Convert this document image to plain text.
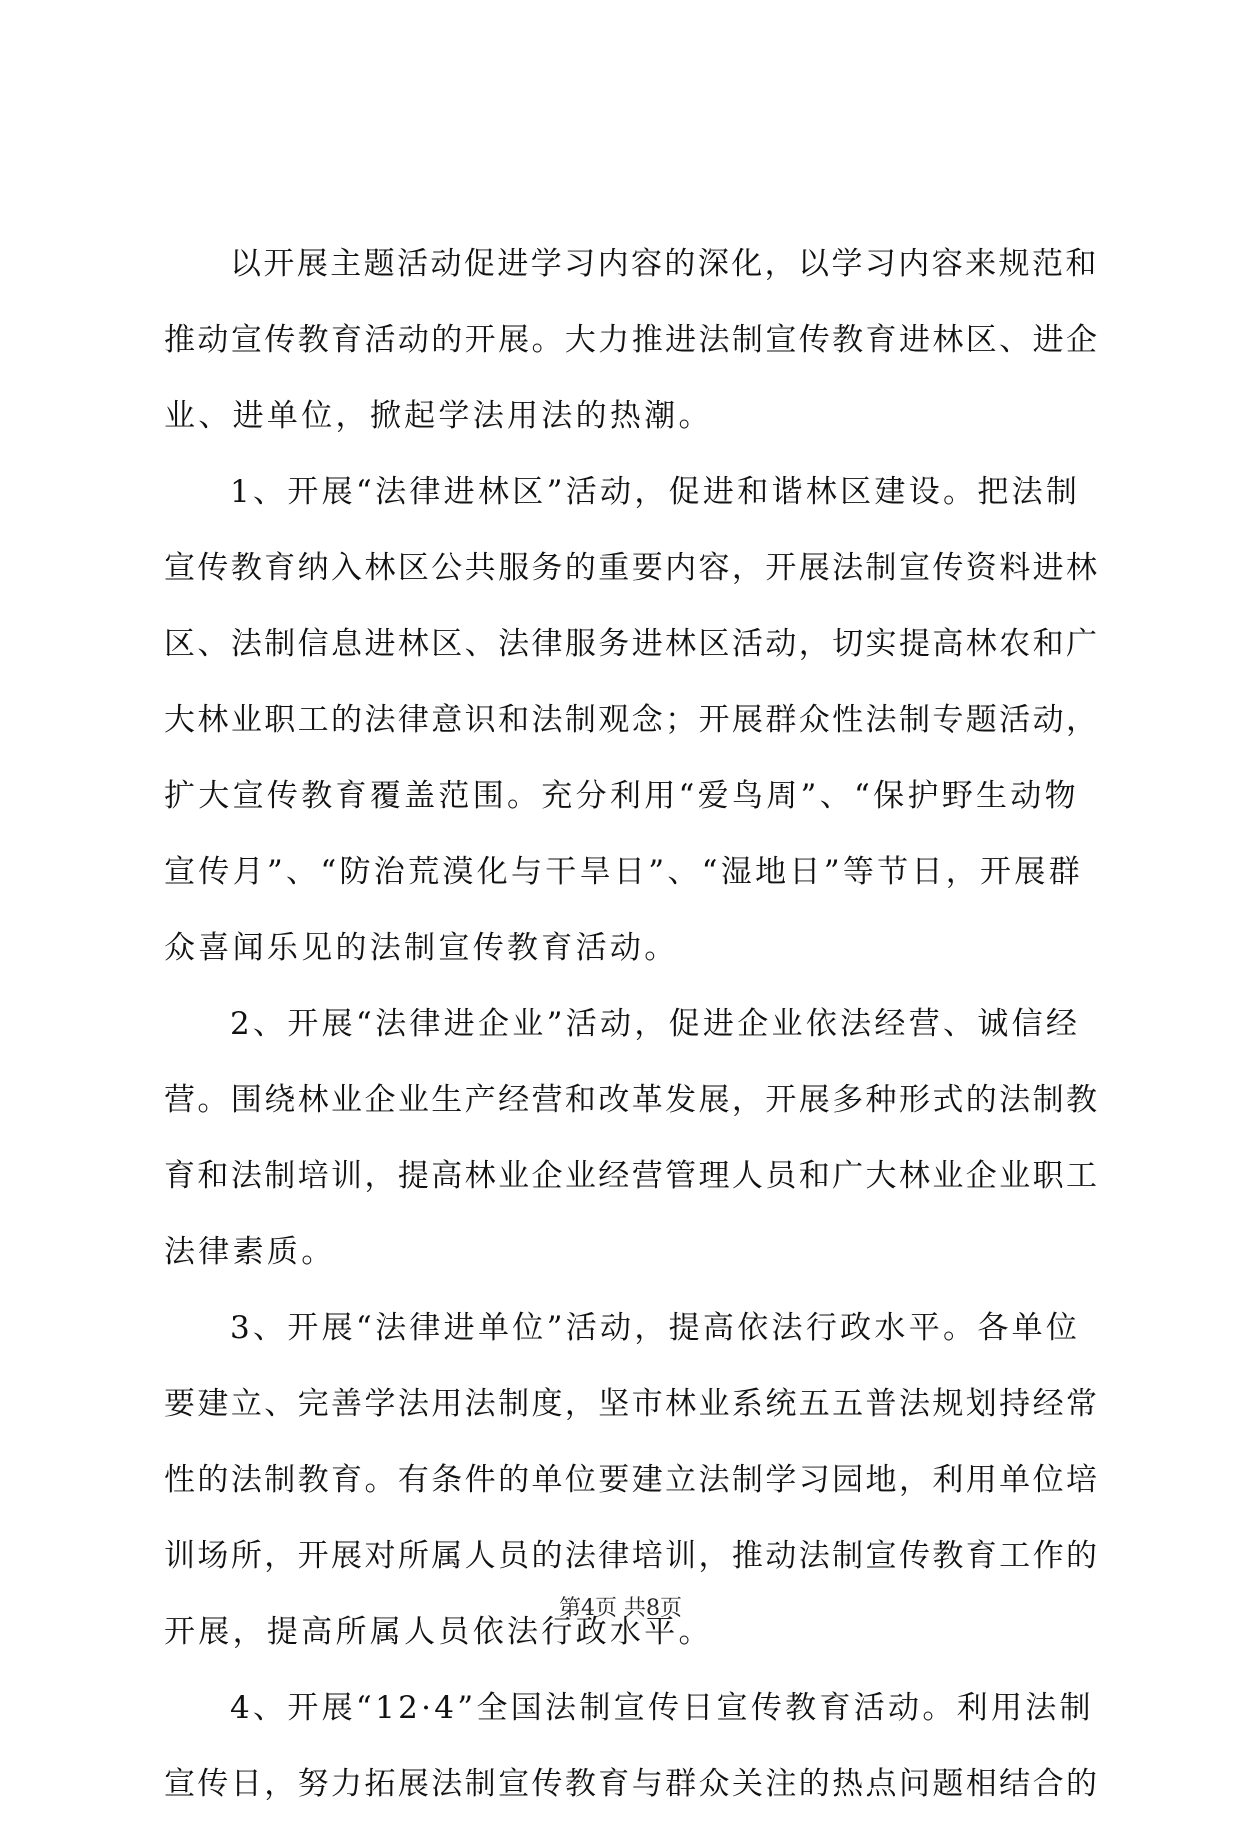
以开展主题活动促进学习内容的深化，以学习内容来规范和
推动宣传教育活动的开展。大力推进法制宣传教育进林区、进企
业、进单位，掀起学法用法的热潮。
1、开展“法律进林区”活动，促进和谐林区建设。把法制
宣传教育纳入林区公共服务的重要内容，开展法制宣传资料进林
区、法制信息进林区、法律服务进林区活动，切实提高林农和广
大林业职工的法律意识和法制观念；开展群众性法制专题活动，
扩大宣传教育覆盖范围。充分利用“爱鸟周”、“保护野生动物
宣传月”、“防治荒漠化与干旱日”、“湿地日”等节日，开展群
众喜闻乐见的法制宣传教育活动。
2、开展“法律进企业”活动，促进企业依法经营、诚信经
营。围绕林业企业生产经营和改革发展，开展多种形式的法制教
育和法制培训，提高林业企业经营管理人员和广大林业企业职工
法律素质。
3、开展“法律进单位”活动，提高依法行政水平。各单位
要建立、完善学法用法制度，坚市林业系统五五普法规划持经常
性的法制教育。有条件的单位要建立法制学习园地，利用单位培
训场所，开展对所属人员的法律培训，推动法制宣传教育工作的
开展，提高所属人员依法行政水平。
4、开展“12·4”全国法制宣传日宣传教育活动。利用法制
宣传日，努力拓展法制宣传教育与群众关注的热点问题相结合的
第4页 共8页
